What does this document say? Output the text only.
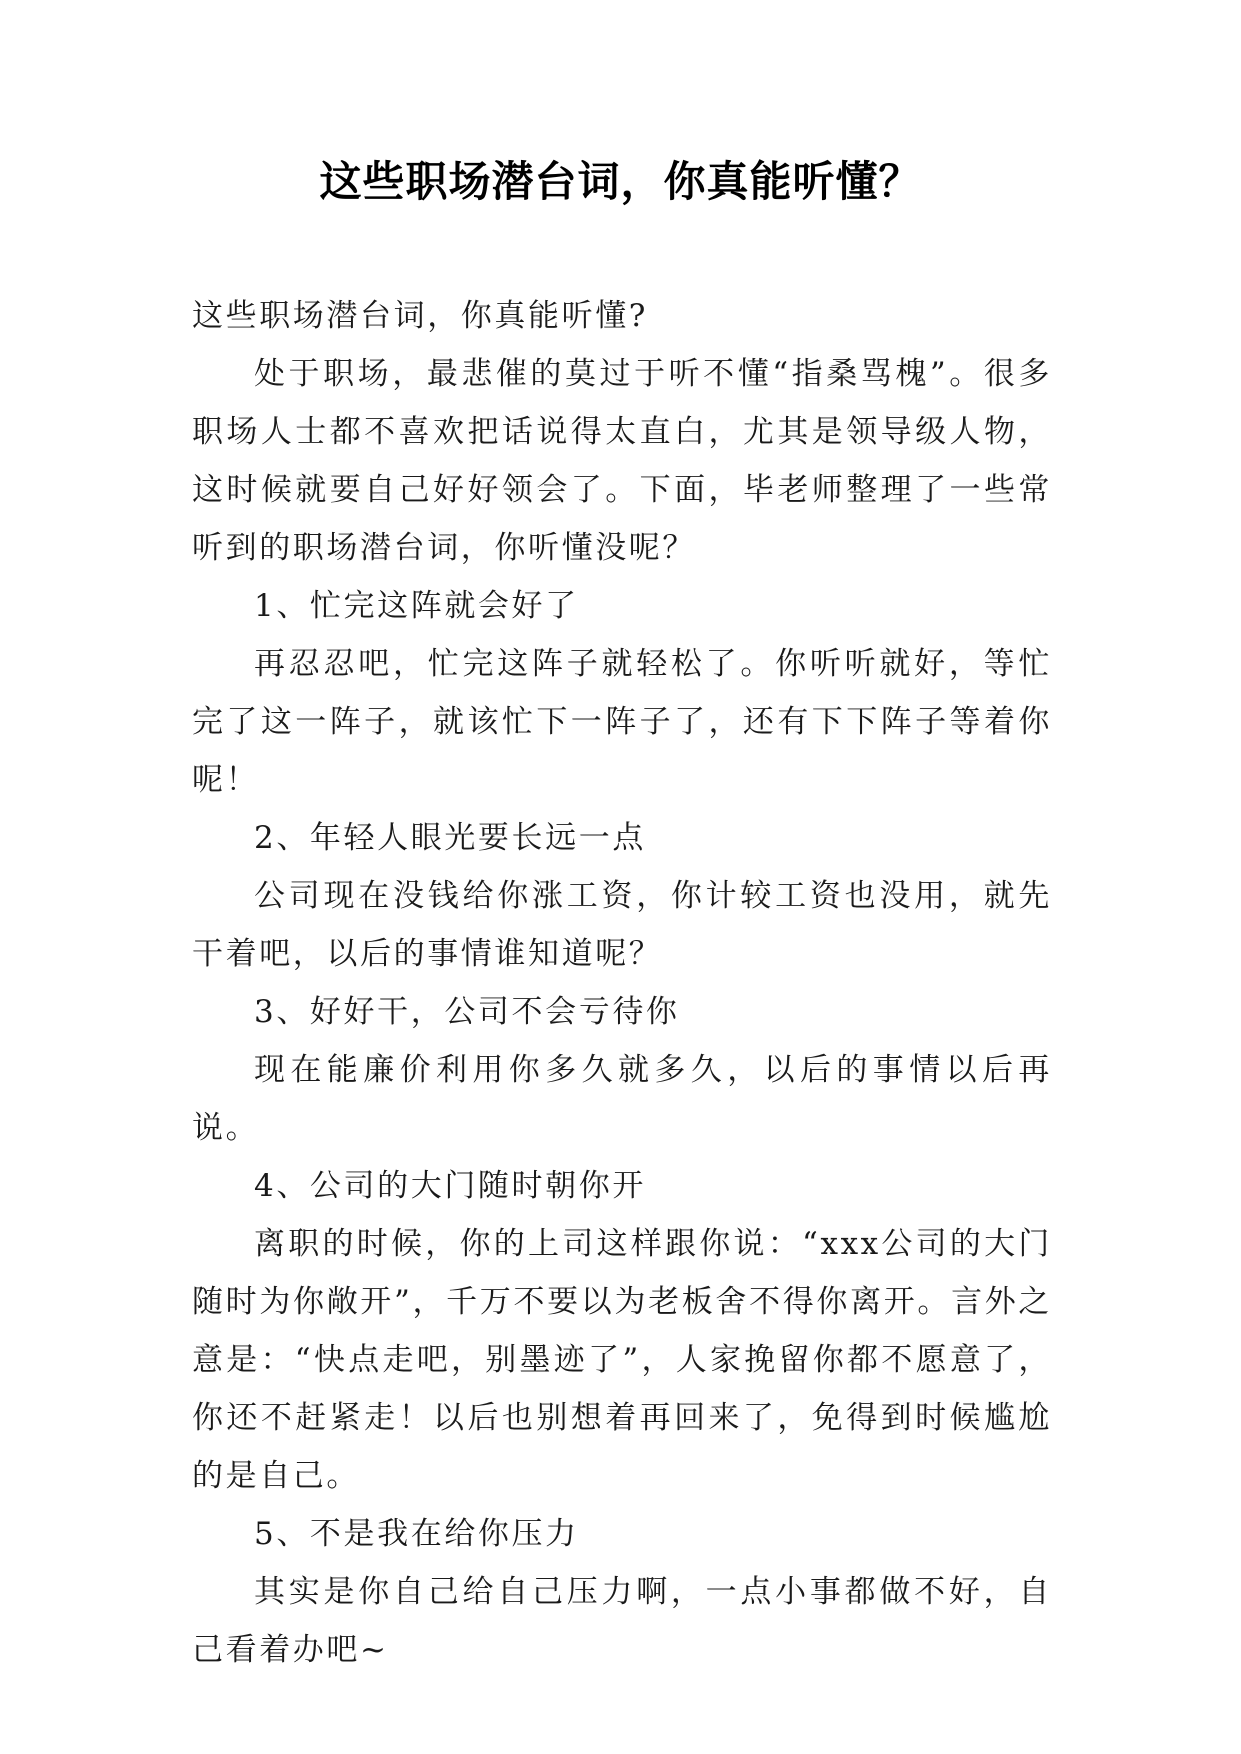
这些职场潜台词，你真能听懂？

这些职场潜台词，你真能听懂?

处于职场，最悲催的莫过于听不懂“指桑骂槐”。很多职场人士都不喜欢把话说得太直白，尤其是领导级人物，这时候就要自己好好领会了。下面，毕老师整理了一些常听到的职场潜台词，你听懂没呢？

1、忙完这阵就会好了

再忍忍吧，忙完这阵子就轻松了。你听听就好，等忙完了这一阵子，就该忙下一阵子了，还有下下阵子等着你呢！

2、年轻人眼光要长远一点

公司现在没钱给你涨工资，你计较工资也没用，就先干着吧，以后的事情谁知道呢？

3、好好干，公司不会亏待你

现在能廉价利用你多久就多久，以后的事情以后再说。

4、公司的大门随时朝你开

离职的时候，你的上司这样跟你说：“xxx公司的大门随时为你敞开”，千万不要以为老板舍不得你离开。言外之意是：“快点走吧，别墨迹了”，人家挽留你都不愿意了，你还不赶紧走！以后也别想着再回来了，免得到时候尴尬的是自己。

5、不是我在给你压力

其实是你自己给自己压力啊，一点小事都做不好，自己看着办吧~
